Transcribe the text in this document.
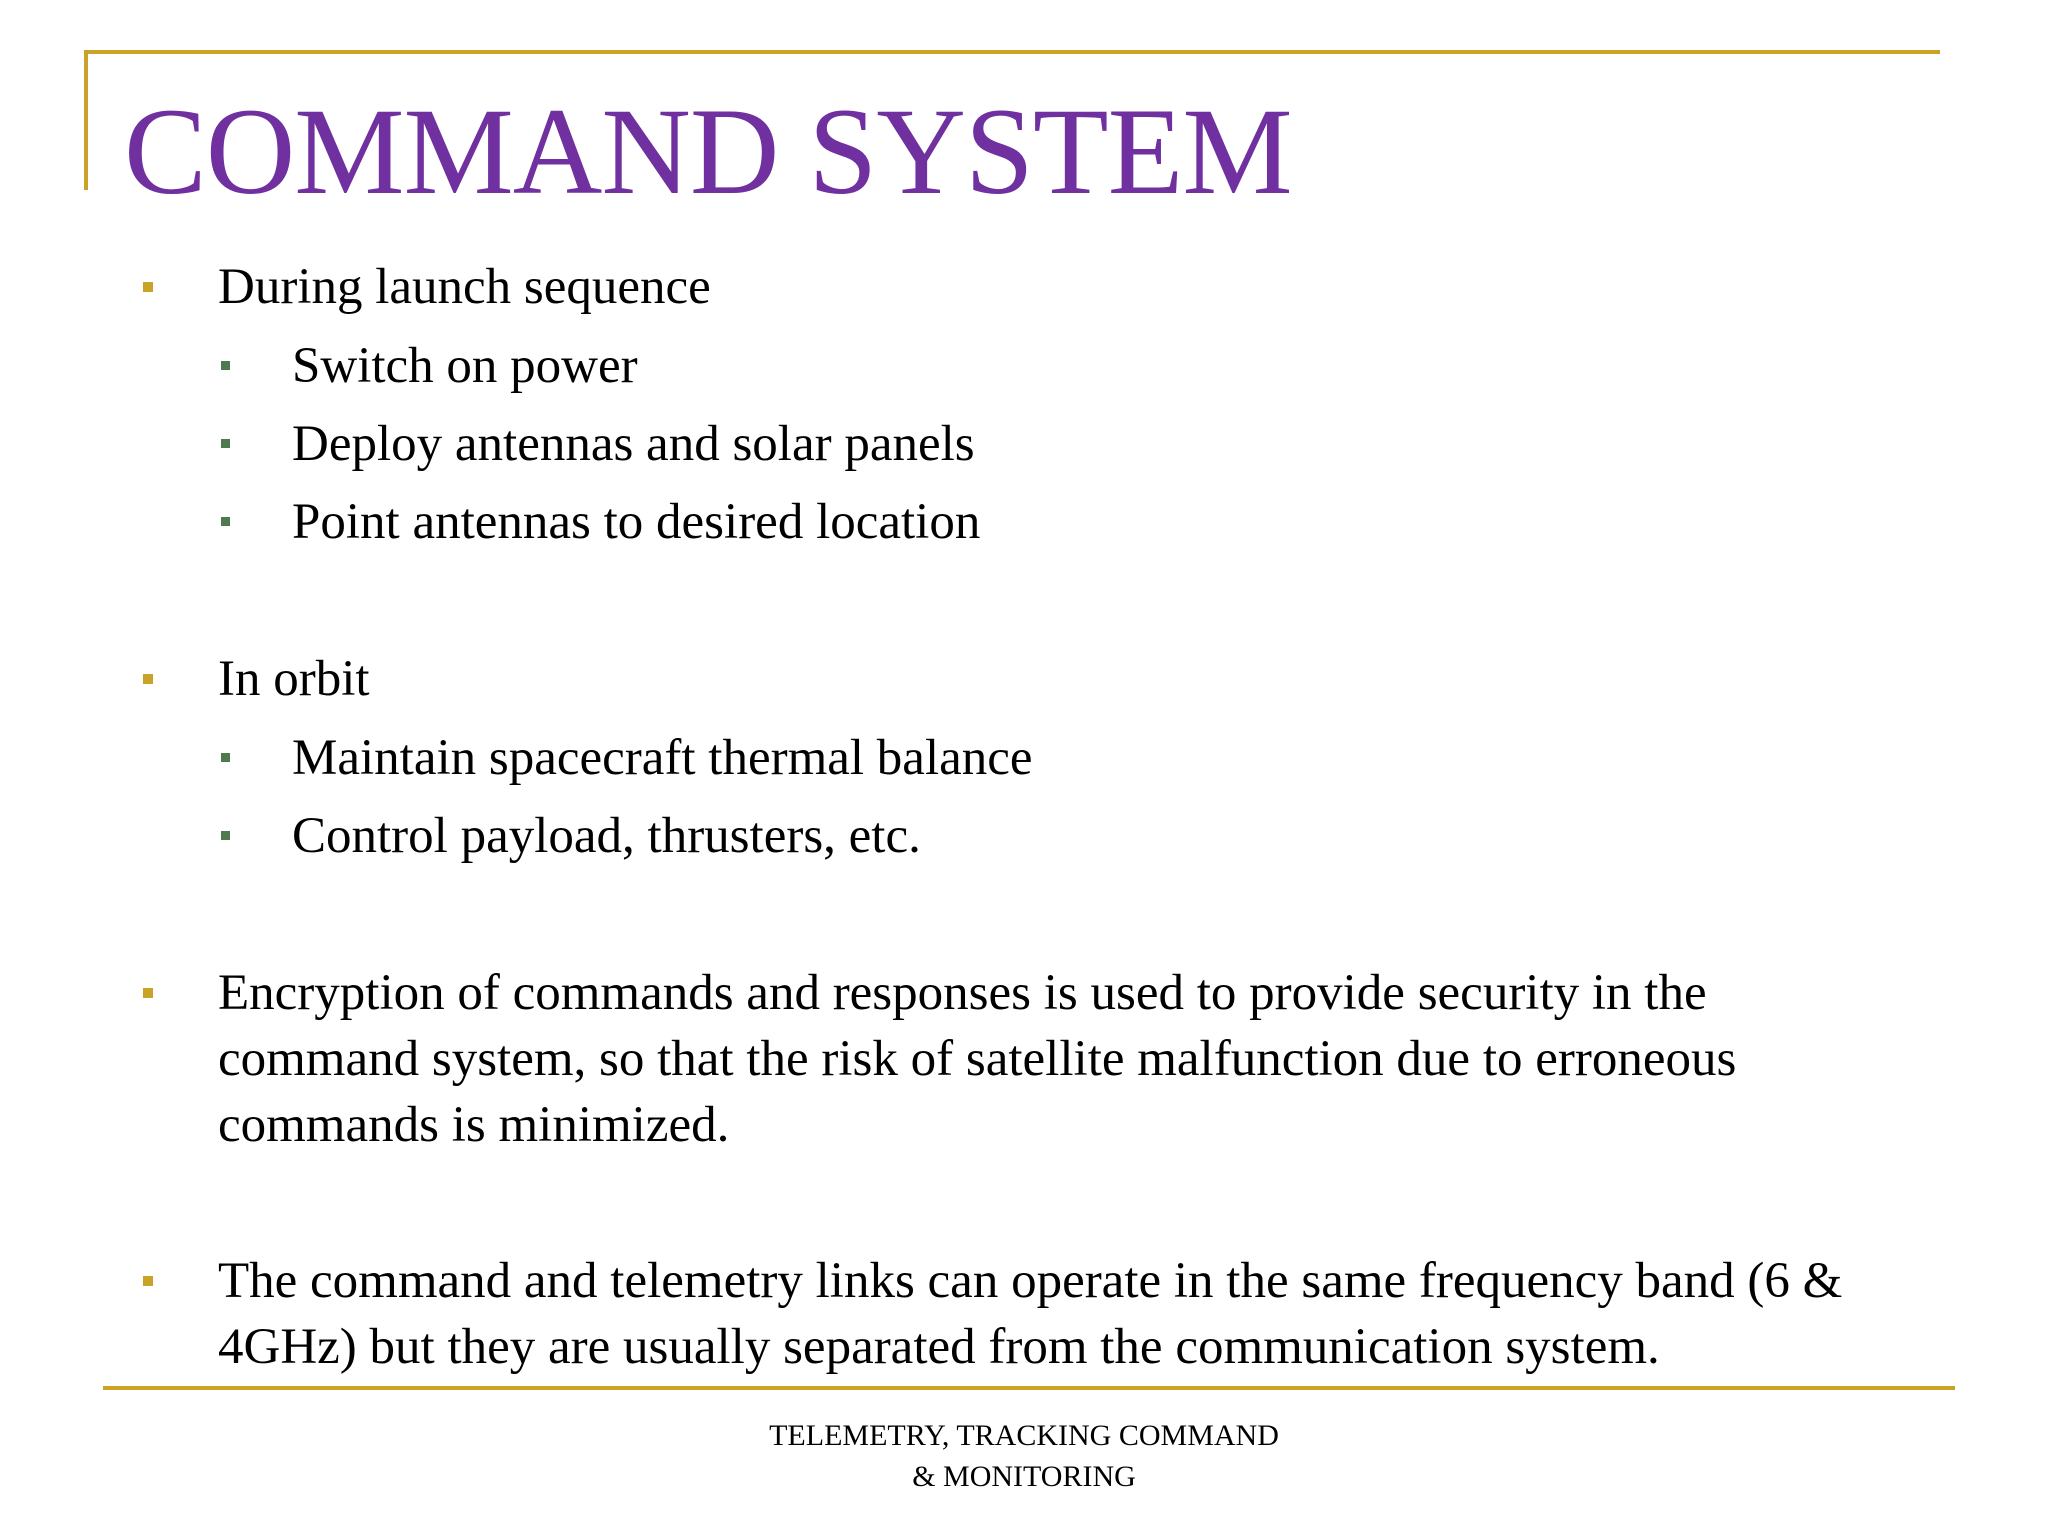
COMMAND SYSTEM
During launch sequence
Switch on power
Deploy antennas and solar panels
Point antennas to desired location
In orbit
Maintain spacecraft thermal balance
Control payload, thrusters, etc.
Encryption of commands and responses is used to provide security in the command system, so that the risk of satellite malfunction due to erroneous commands is minimized.
The command and telemetry links can operate in the same frequency band (6 & 4GHz) but they are usually separated from the communication system.
TELEMETRY, TRACKING COMMAND
& MONITORING
